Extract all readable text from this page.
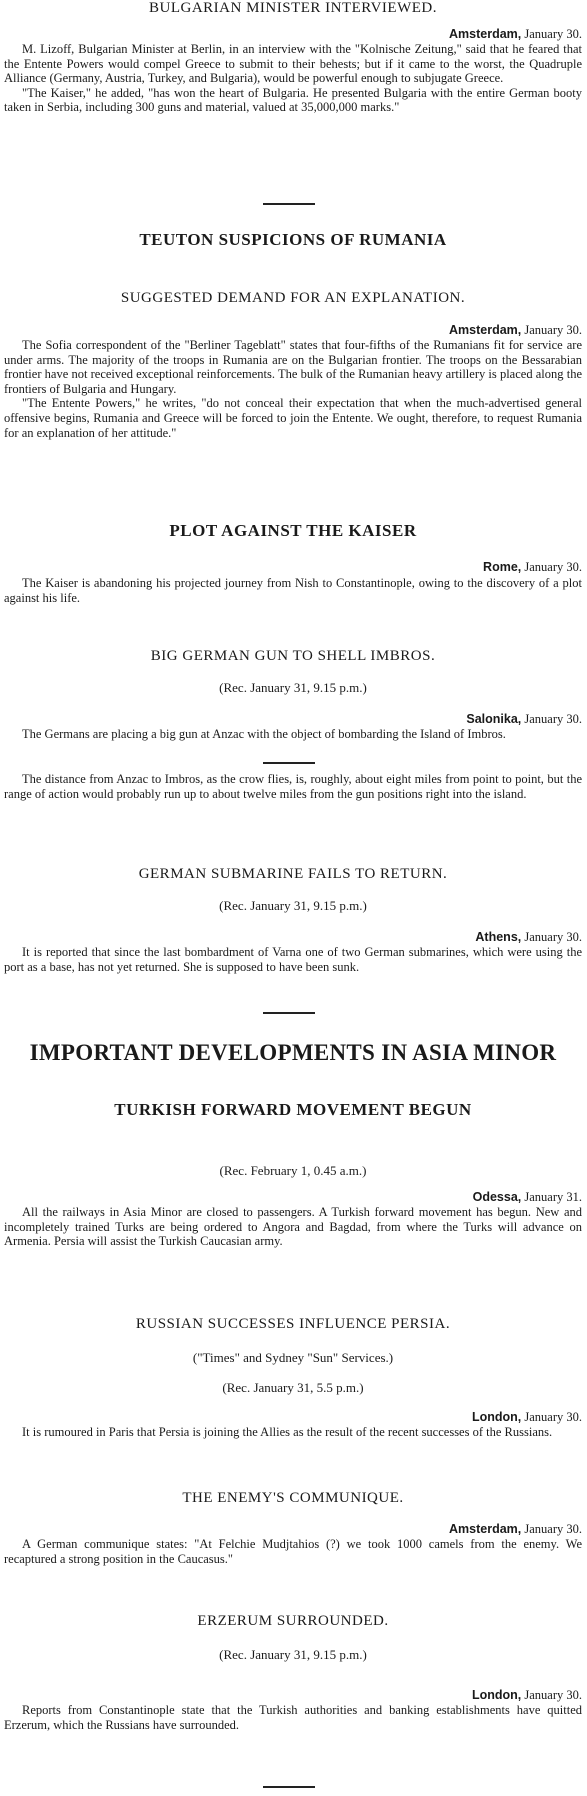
BULGARIAN MINISTER INTERVIEWED.
Amsterdam, January 30.

M. Lizoff, Bulgarian Minister at Berlin, in an interview with the "Kolnische Zeitung," said that he feared that the Entente Powers would compel Greece to submit to their behests; but if it came to the worst, the Quadruple Alliance (Germany, Austria, Turkey, and Bulgaria), would be powerful enough to subjugate Greece.

"The Kaiser," he added, "has won the heart of Bulgaria. He presented Bulgaria with the entire German booty taken in Serbia, including 300 guns and material, valued at 35,000,000 marks."

TEUTON SUSPICIONS OF RUMANIA
SUGGESTED DEMAND FOR AN EXPLANATION.
Amsterdam, January 30.

The Sofia correspondent of the "Berliner Tageblatt" states that four-fifths of the Rumanians fit for service are under arms. The majority of the troops in Rumania are on the Bulgarian frontier. The troops on the Bessarabian frontier have not received exceptional reinforcements. The bulk of the Rumanian heavy artillery is placed along the frontiers of Bulgaria and Hungary.

"The Entente Powers," he writes, "do not conceal their expectation that when the much-advertised general offensive begins, Rumania and Greece will be forced to join the Entente. We ought, therefore, to request Rumania for an explanation of her attitude."

PLOT AGAINST THE KAISER
Rome, January 30.

The Kaiser is abandoning his projected journey from Nish to Constantinople, owing to the discovery of a plot against his life.

BIG GERMAN GUN TO SHELL IMBROS.
(Rec. January 31, 9.15 p.m.)
Salonika, January 30.

The Germans are placing a big gun at Anzac with the object of bombarding the Island of Imbros.

The distance from Anzac to Imbros, as the crow flies, is, roughly, about eight miles from point to point, but the range of action would probably run up to about twelve miles from the gun positions right into the island.

GERMAN SUBMARINE FAILS TO RETURN.
(Rec. January 31, 9.15 p.m.)
Athens, January 30.

It is reported that since the last bombardment of Varna one of two German submarines, which were using the port as a base, has not yet returned. She is supposed to have been sunk.

IMPORTANT DEVELOPMENTS IN ASIA MINOR
TURKISH FORWARD MOVEMENT BEGUN
(Rec. February 1, 0.45 a.m.)
Odessa, January 31.

All the railways in Asia Minor are closed to passengers. A Turkish forward movement has begun. New and incompletely trained Turks are being ordered to Angora and Bagdad, from where the Turks will advance on Armenia. Persia will assist the Turkish Caucasian army.

RUSSIAN SUCCESSES INFLUENCE PERSIA.
("Times" and Sydney "Sun" Services.)
(Rec. January 31, 5.5 p.m.)
London, January 30.

It is rumoured in Paris that Persia is joining the Allies as the result of the recent successes of the Russians.

THE ENEMY'S COMMUNIQUE.
Amsterdam, January 30.

A German communique states: "At Felchie Mudjtahios (?) we took 1000 camels from the enemy. We recaptured a strong position in the Caucasus."

ERZERUM SURROUNDED.
(Rec. January 31, 9.15 p.m.)
London, January 30.

Reports from Constantinople state that the Turkish authorities and banking establishments have quitted Erzerum, which the Russians have surrounded.
